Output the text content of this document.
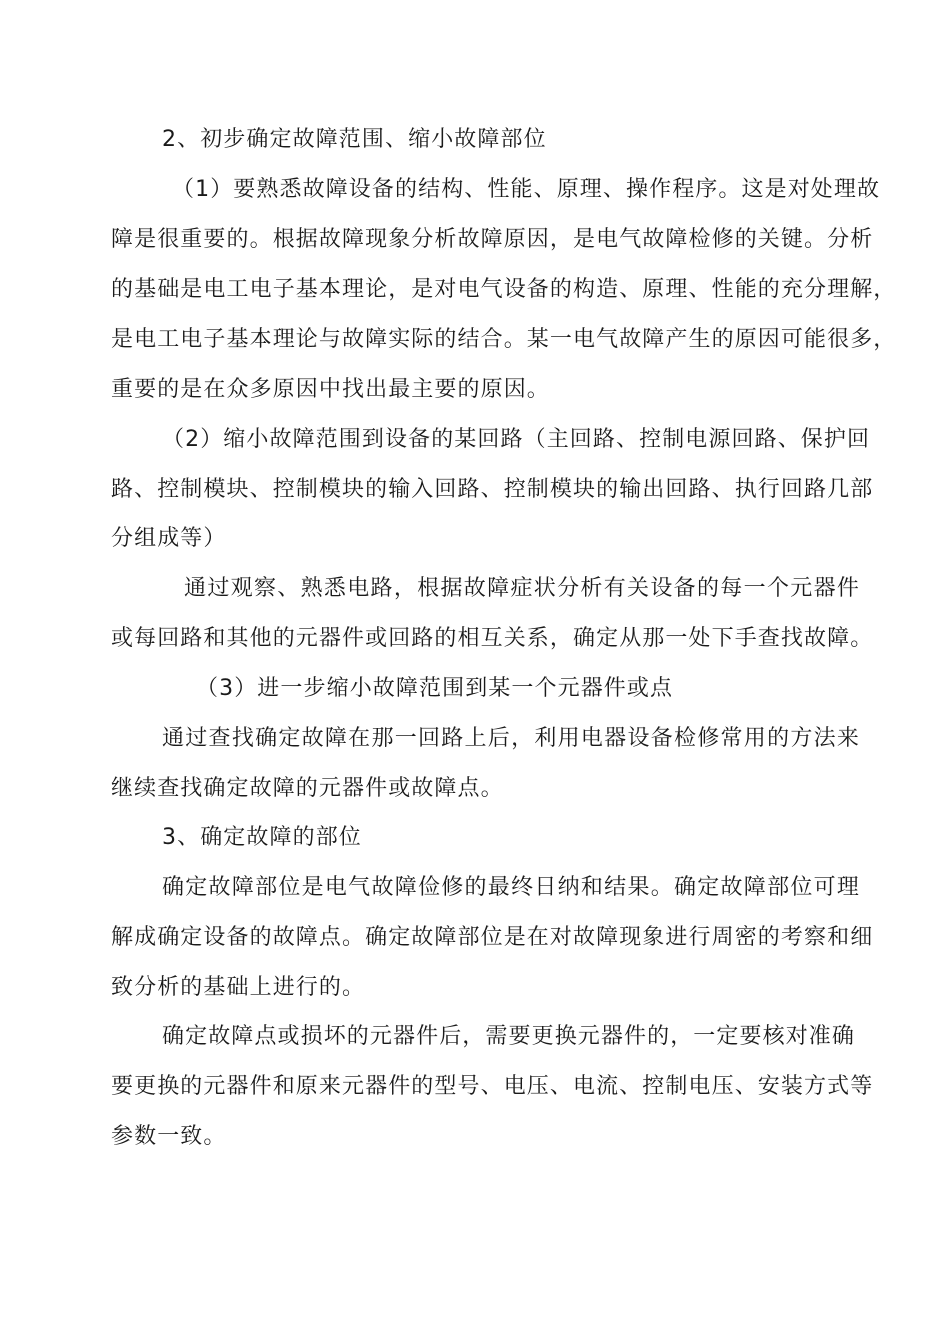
2、初步确定故障范围、缩小故障部位
（1）要熟悉故障设备的结构、性能、原理、操作程序。这是对处理故
障是很重要的。根据故障现象分析故障原因，是电气故障检修的关键。分析
的基础是电工电子基本理论，是对电气设备的构造、原理、性能的充分理解，
是电工电子基本理论与故障实际的结合。某一电气故障产生的原因可能很多，
重要的是在众多原因中找出最主要的原因。
（2）缩小故障范围到设备的某回路（主回路、控制电源回路、保护回
路、控制模块、控制模块的输入回路、控制模块的输出回路、执行回路几部
分组成等）
通过观察、熟悉电路，根据故障症状分析有关设备的每一个元器件
或每回路和其他的元器件或回路的相互关系，确定从那一处下手查找故障。
（3）进一步缩小故障范围到某一个元器件或点
通过查找确定故障在那一回路上后，利用电器设备检修常用的方法来
继续查找确定故障的元器件或故障点。
3、确定故障的部位
确定故障部位是电气故障俭修的最终日纳和结果。确定故障部位可理
解成确定设备的故障点。确定故障部位是在对故障现象进行周密的考察和细
致分析的基础上进行的。
确定故障点或损坏的元器件后，需要更换元器件的，一定要核对准确
要更换的元器件和原来元器件的型号、电压、电流、控制电压、安装方式等
参数一致。
